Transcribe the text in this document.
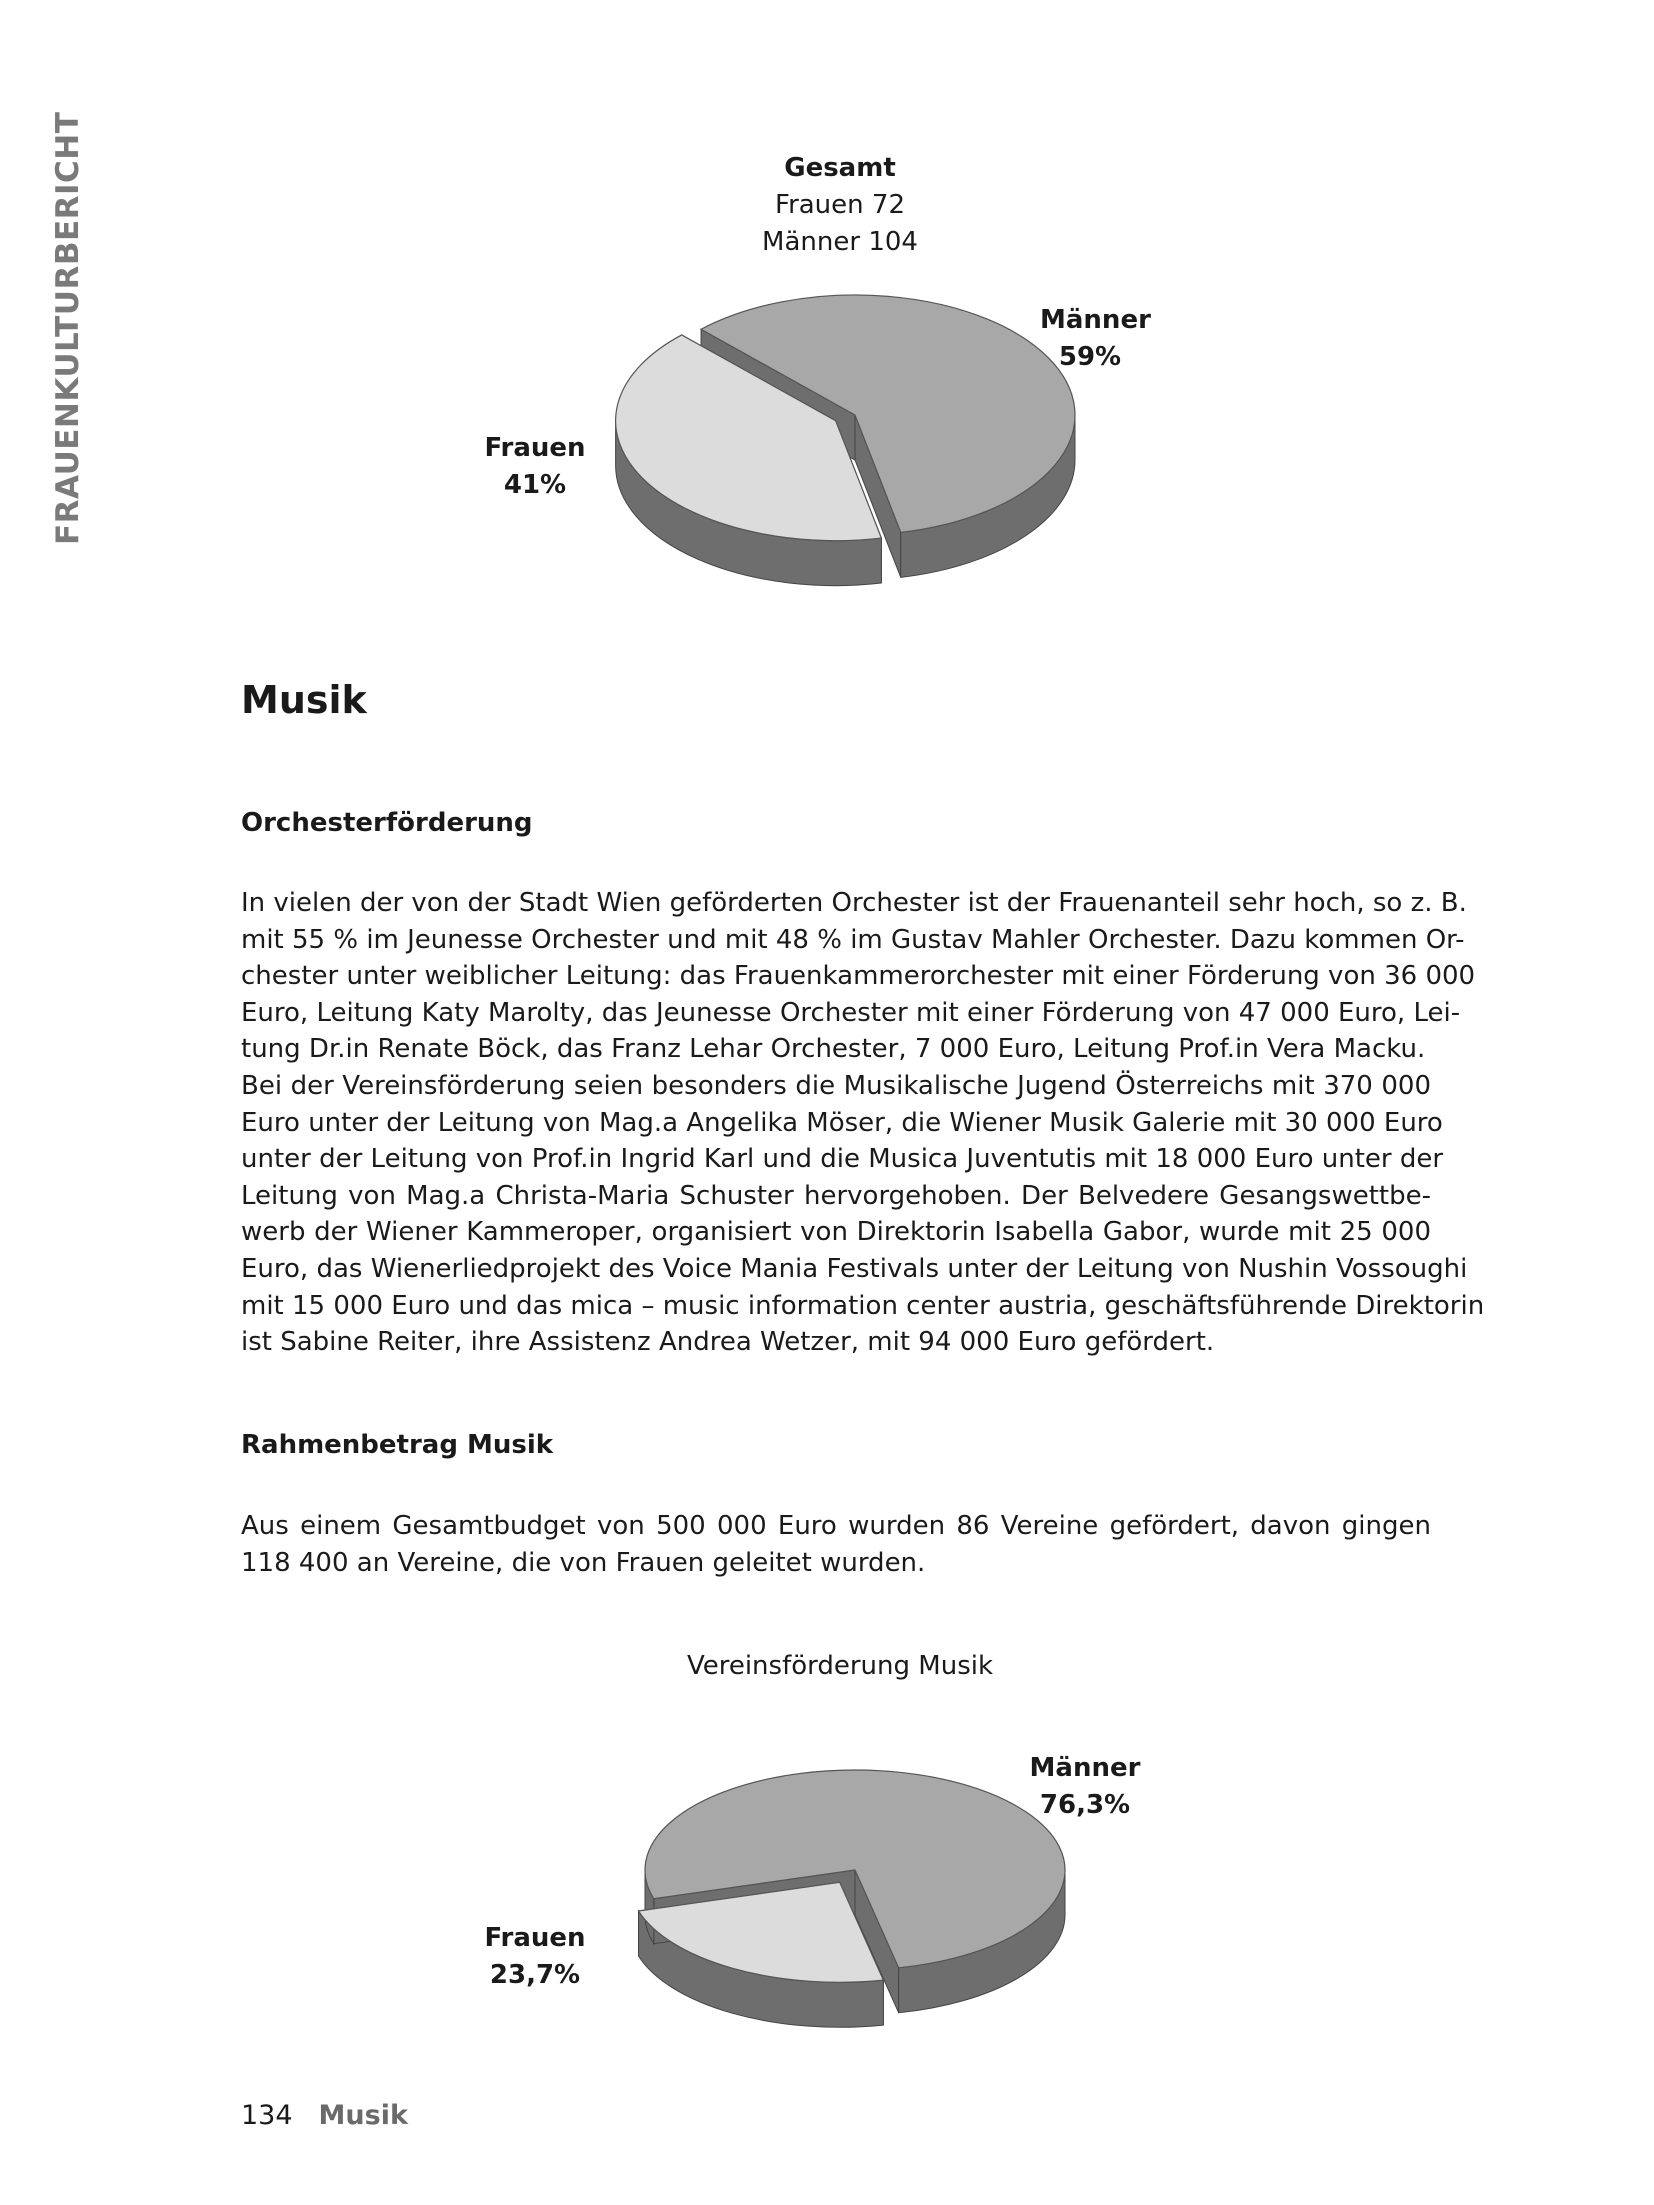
FRAUENKULTURBERICHT	Gesamt
Frauen 72
Männer 104
Männer
59%
Frauen
41%
Musik
Orchesterförderung
In vielen der von der Stadt Wien geförderten Orchester ist der Frauenanteil sehr hoch, so z. B.
mit 55 % im Jeunesse Orchester und mit 48 % im Gustav Mahler Orchester. Dazu kommen Or-
chester unter weiblicher Leitung: das Frauenkammerorchester mit einer Förderung von 36 000
Euro, Leitung Katy Marolty, das Jeunesse Orchester mit einer Förderung von 47 000 Euro, Lei-
tung Dr.in Renate Böck, das Franz Lehar Orchester, 7 000 Euro, Leitung Prof.in Vera Macku.
Bei der Vereinsförderung seien besonders die Musikalische Jugend Österreichs mit 370 000
Euro unter der Leitung von Mag.a Angelika Möser, die Wiener Musik Galerie mit 30 000 Euro
unter der Leitung von Prof.in Ingrid Karl und die Musica Juventutis mit 18 000 Euro unter der
Leitung von Mag.a Christa-Maria Schuster hervorgehoben. Der Belvedere Gesangswettbe-
werb der Wiener Kammeroper, organisiert von Direktorin Isabella Gabor, wurde mit 25 000
Euro, das Wienerliedprojekt des Voice Mania Festivals unter der Leitung von Nushin Vossoughi
mit 15 000 Euro und das mica – music information center austria, geschäftsführende Direktorin
ist Sabine Reiter, ihre Assistenz Andrea Wetzer, mit 94 000 Euro gefördert.
Rahmenbetrag Musik
Aus einem Gesamtbudget von 500 000 Euro wurden 86 Vereine gefördert, davon gingen
118 400 an Vereine, die von Frauen geleitet wurden.
Vereinsförderung Musik
Männer
76,3%
Frauen
23,7%
134 Musik
